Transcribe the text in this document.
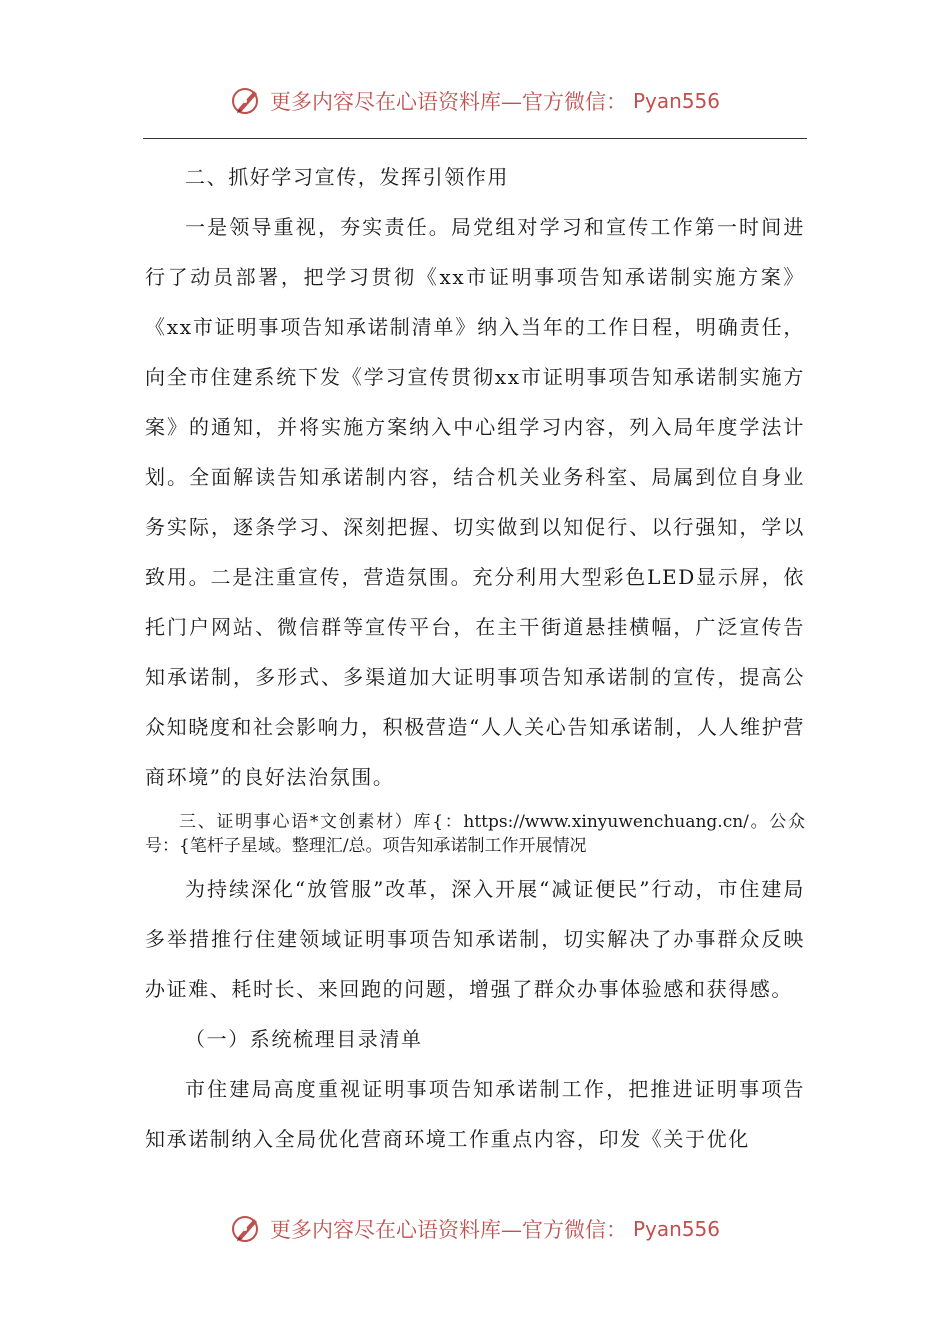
更多内容尽在心语资料库—官方微信： Pyan556

二、抓好学习宣传，发挥引领作用

一是领导重视，夯实责任。局党组对学习和宣传工作第一时间进行了动员部署，把学习贯彻《xx市证明事项告知承诺制实施方案》《xx市证明事项告知承诺制清单》纳入当年的工作日程，明确责任，向全市住建系统下发《学习宣传贯彻xx市证明事项告知承诺制实施方案》的通知，并将实施方案纳入中心组学习内容，列入局年度学法计划。全面解读告知承诺制内容，结合机关业务科室、局属到位自身业务实际，逐条学习、深刻把握、切实做到以知促行、以行强知，学以致用。二是注重宣传，营造氛围。充分利用大型彩色LED显示屏，依托门户网站、微信群等宣传平台，在主干街道悬挂横幅，广泛宣传告知承诺制，多形式、多渠道加大证明事项告知承诺制的宣传，提高公众知晓度和社会影响力，积极营造“人人关心告知承诺制，人人维护营商环境”的良好法治氛围。

三、证明事心语*文创素材）库{：https://www.xinyuwenchuang.cn/。公众号：{笔杆子星域。整理汇/总。项告知承诺制工作开展情况

为持续深化“放管服”改革，深入开展“减证便民”行动，市住建局多举措推行住建领域证明事项告知承诺制，切实解决了办事群众反映办证难、耗时长、来回跑的问题，增强了群众办事体验感和获得感。

（一）系统梳理目录清单

市住建局高度重视证明事项告知承诺制工作，把推进证明事项告知承诺制纳入全局优化营商环境工作重点内容，印发《关于优化

更多内容尽在心语资料库—官方微信： Pyan556
